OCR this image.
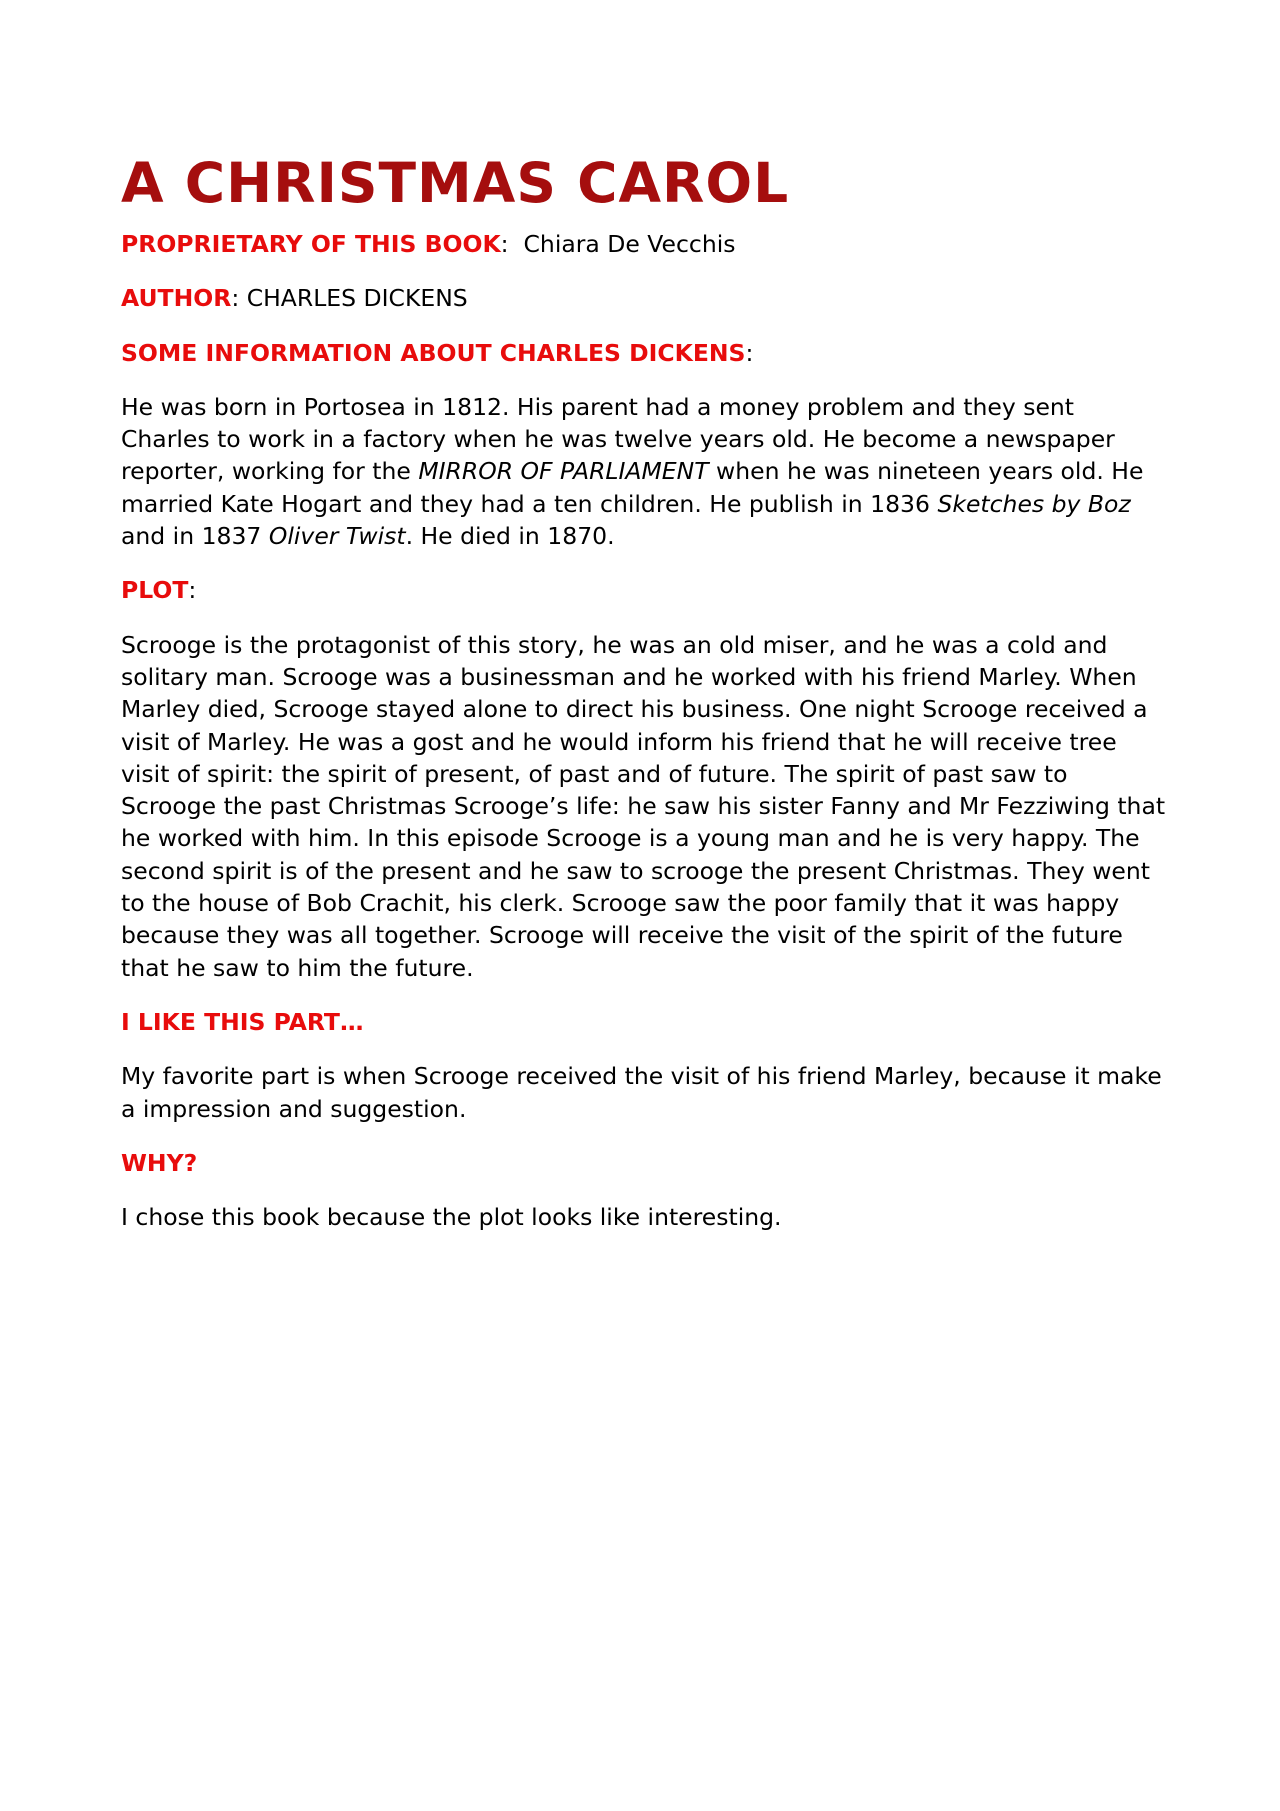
A CHRISTMAS CAROL

PROPRIETARY OF THIS BOOK:  Chiara De Vecchis

AUTHOR: CHARLES DICKENS

SOME INFORMATION ABOUT CHARLES DICKENS:

He was born in Portosea in 1812. His parent had a money problem and they sent Charles to work in a factory when he was twelve years old. He become a newspaper reporter, working for the MIRROR OF PARLIAMENT when he was nineteen years old. He married Kate Hogart and they had a ten children. He publish in 1836 Sketches by Boz and in 1837 Oliver Twist. He died in 1870.

PLOT:

Scrooge is the protagonist of this story, he was an old miser, and he was a cold and solitary man. Scrooge was a businessman and he worked with his friend Marley. When Marley died, Scrooge stayed alone to direct his business. One night Scrooge received a visit of Marley. He was a gost and he would inform his friend that he will receive tree visit of spirit: the spirit of present, of past and of future. The spirit of past saw to Scrooge the past Christmas Scrooge’s life: he saw his sister Fanny and Mr Fezziwing that he worked with him. In this episode Scrooge is a young man and he is very happy. The second spirit is of the present and he saw to scrooge the present Christmas. They went to the house of Bob Crachit, his clerk. Scrooge saw the poor family that it was happy because they was all together. Scrooge will receive the visit of the spirit of the future that he saw to him the future.

I LIKE THIS PART…

My favorite part is when Scrooge received the visit of his friend Marley, because it make a impression and suggestion.

WHY?

I chose this book because the plot looks like interesting.
